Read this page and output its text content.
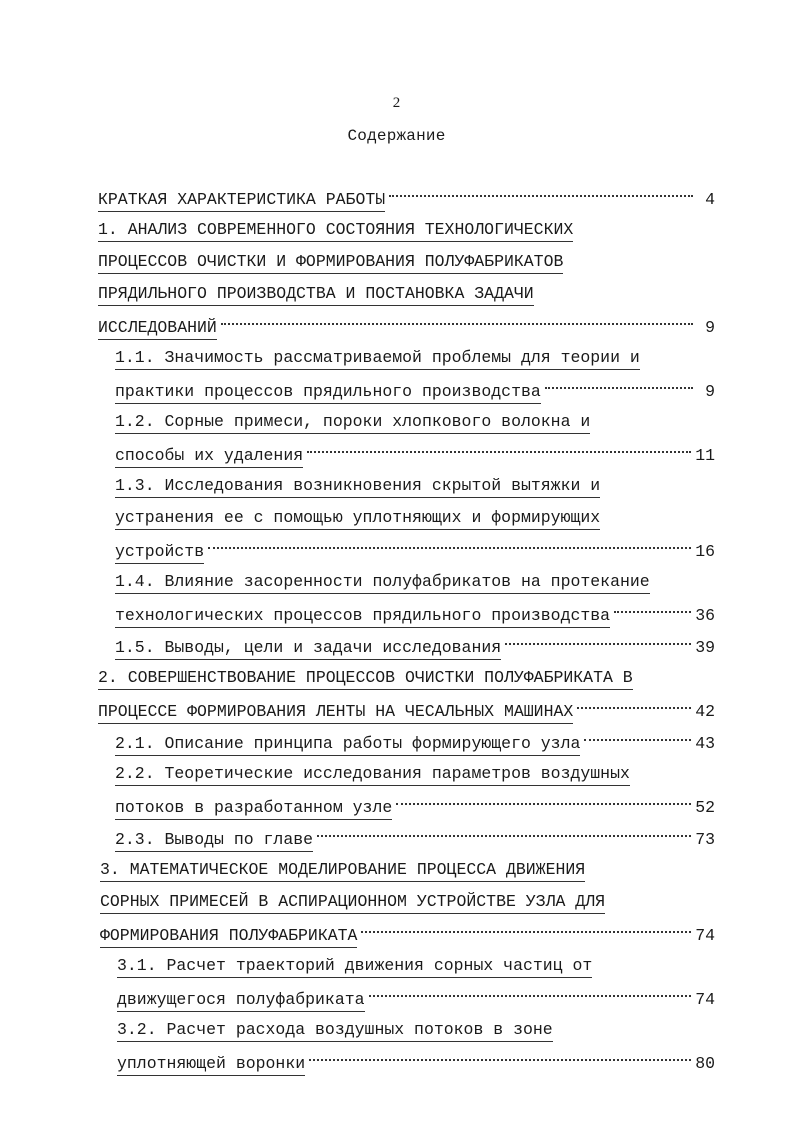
2
Содержание
КРАТКАЯ ХАРАКТЕРИСТИКА РАБОТЫ	4
1. АНАЛИЗ СОВРЕМЕННОГО СОСТОЯНИЯ ТЕХНОЛОГИЧЕСКИХ
ПРОЦЕССОВ ОЧИСТКИ И ФОРМИРОВАНИЯ ПОЛУФАБРИКАТОВ
ПРЯДИЛЬНОГО ПРОИЗВОДСТВА И ПОСТАНОВКА ЗАДАЧИ
ИССЛЕДОВАНИЙ	9
1.1. Значимость рассматриваемой проблемы для теории и
практики процессов прядильного производства	9
1.2. Сорные примеси, пороки хлопкового волокна и
способы их удаления	11
1.3. Исследования возникновения скрытой вытяжки и
устранения ее с помощью уплотняющих и формирующих
устройств	16
1.4. Влияние засоренности полуфабрикатов на протекание
технологических процессов прядильного производства	36
1.5. Выводы, цели и задачи исследования	39
2. СОВЕРШЕНСТВОВАНИЕ ПРОЦЕССОВ ОЧИСТКИ ПОЛУФАБРИКАТА В
ПРОЦЕССЕ ФОРМИРОВАНИЯ ЛЕНТЫ НА ЧЕСАЛЬНЫХ МАШИНАХ	42
2.1. Описание принципа работы формирующего узла	43
2.2. Теоретические исследования параметров воздушных
потоков в разработанном узле	52
2.3. Выводы по главе	73
3. МАТЕМАТИЧЕСКОЕ МОДЕЛИРОВАНИЕ ПРОЦЕССА ДВИЖЕНИЯ
СОРНЫХ ПРИМЕСЕЙ В АСПИРАЦИОННОМ УСТРОЙСТВЕ УЗЛА ДЛЯ
ФОРМИРОВАНИЯ ПОЛУФАБРИКАТА	74
3.1. Расчет траекторий движения сорных частиц от
движущегося полуфабриката	74
3.2. Расчет расхода воздушных потоков в зоне
уплотняющей воронки	80
